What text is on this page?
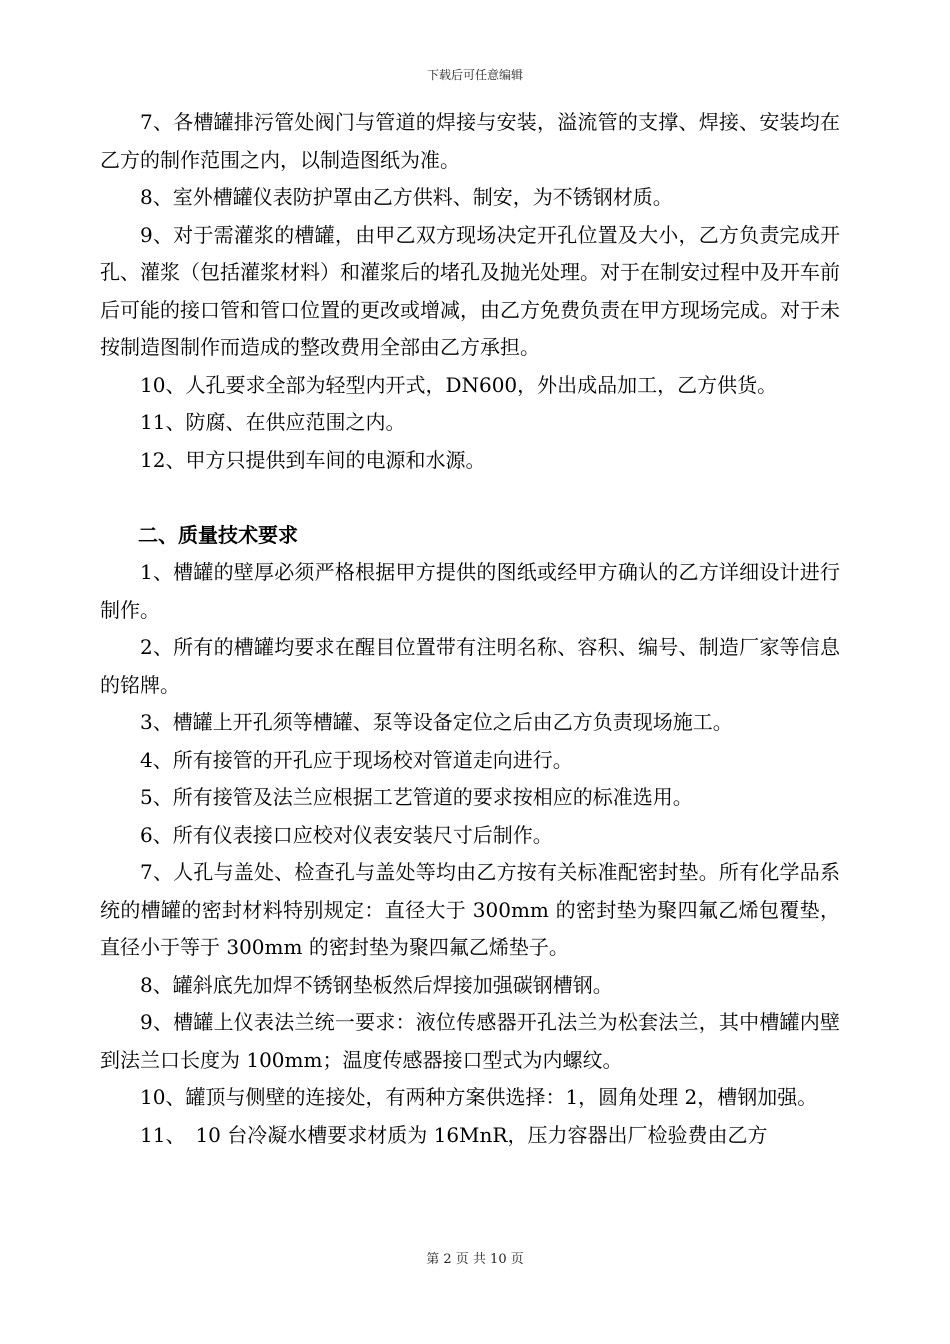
下载后可任意编辑

7、各槽罐排污管处阀门与管道的焊接与安装，溢流管的支撑、焊接、安装均在乙方的制作范围之内，以制造图纸为准。

8、室外槽罐仪表防护罩由乙方供料、制安，为不锈钢材质。

9、对于需灌浆的槽罐，由甲乙双方现场决定开孔位置及大小，乙方负责完成开孔、灌浆（包括灌浆材料）和灌浆后的堵孔及抛光处理。对于在制安过程中及开车前后可能的接口管和管口位置的更改或增减，由乙方免费负责在甲方现场完成。对于未按制造图制作而造成的整改费用全部由乙方承担。

10、人孔要求全部为轻型内开式，DN600，外出成品加工，乙方供货。

11、防腐、在供应范围之内。

12、甲方只提供到车间的电源和水源。

二、质量技术要求

1、槽罐的壁厚必须严格根据甲方提供的图纸或经甲方确认的乙方详细设计进行制作。

2、所有的槽罐均要求在醒目位置带有注明名称、容积、编号、制造厂家等信息的铭牌。

3、槽罐上开孔须等槽罐、泵等设备定位之后由乙方负责现场施工。

4、所有接管的开孔应于现场校对管道走向进行。

5、所有接管及法兰应根据工艺管道的要求按相应的标准选用。

6、所有仪表接口应校对仪表安装尺寸后制作。

7、人孔与盖处、检查孔与盖处等均由乙方按有关标准配密封垫。所有化学品系统的槽罐的密封材料特别规定：直径大于 300mm 的密封垫为聚四氟乙烯包覆垫，直径小于等于 300mm 的密封垫为聚四氟乙烯垫子。

8、罐斜底先加焊不锈钢垫板然后焊接加强碳钢槽钢。

9、槽罐上仪表法兰统一要求：液位传感器开孔法兰为松套法兰，其中槽罐内壁到法兰口长度为 100mm；温度传感器接口型式为内螺纹。

10、罐顶与侧壁的连接处，有两种方案供选择：1，圆角处理 2，槽钢加强。

11、　10 台冷凝水槽要求材质为 16MnR，压力容器出厂检验费由乙方

第 2 页 共 10 页
